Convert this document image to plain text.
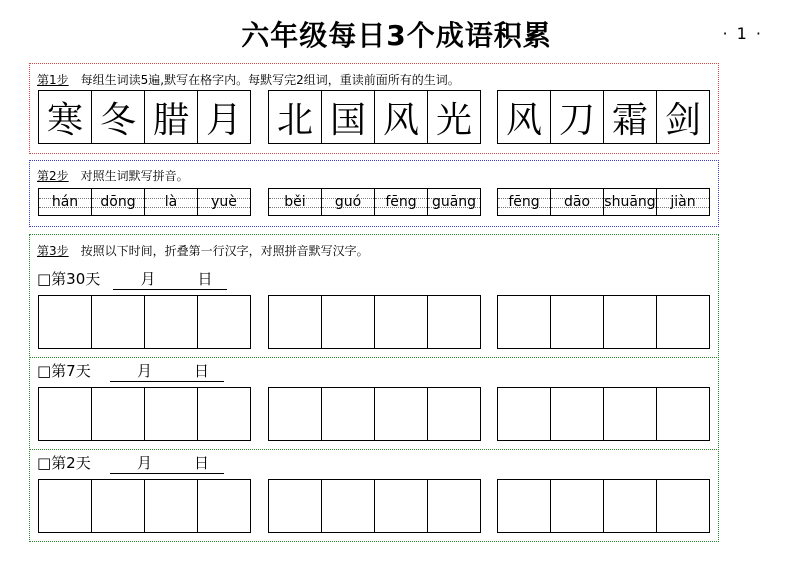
六年级每日3个成语积累	· 1 ·
第1步 每组生词读5遍,默写在格字内。每默写完2组词，重读前面所有的生词。
寒 冬 腊 月 北 国 风 光 风 刀 霜 剑
第2步 对照生词默写拼音。
hán dōng là yuè	běi guó fēng guāng fēng dāo shuāng jiàn
第3步 按照以下时间，折叠第一行汉字，对照拼音默写汉字。
□第30天	月	日
□第7天	月	日
□第2天	月	日
